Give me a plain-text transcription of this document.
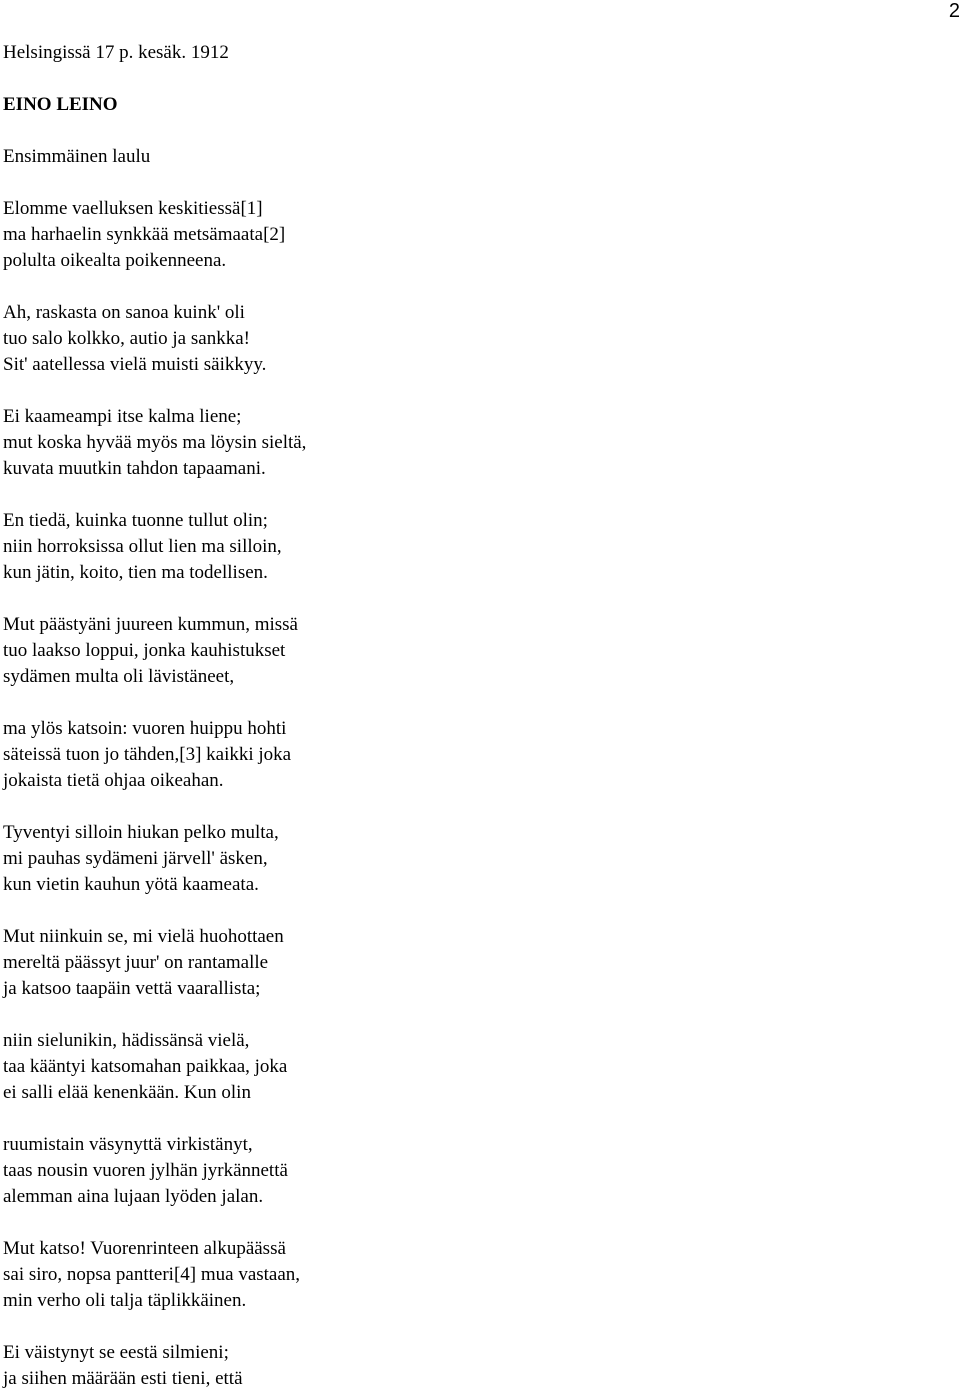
2
Helsingissä 17 p. kesäk. 1912
EINO LEINO
Ensimmäinen laulu
Elomme vaelluksen keskitiessä[1]
ma harhaelin synkkää metsämaata[2]
polulta oikealta poikenneena.
Ah, raskasta on sanoa kuink' oli
tuo salo kolkko, autio ja sankka!
Sit' aatellessa vielä muisti säikkyy.
Ei kaameampi itse kalma liene;
mut koska hyvää myös ma löysin sieltä,
kuvata muutkin tahdon tapaamani.
En tiedä, kuinka tuonne tullut olin;
niin horroksissa ollut lien ma silloin,
kun jätin, koito, tien ma todellisen.
Mut päästyäni juureen kummun, missä
tuo laakso loppui, jonka kauhistukset
sydämen multa oli lävistäneet,
ma ylös katsoin: vuoren huippu hohti
säteissä tuon jo tähden,[3] kaikki joka
jokaista tietä ohjaa oikeahan.
Tyventyi silloin hiukan pelko multa,
mi pauhas sydämeni järvell' äsken,
kun vietin kauhun yötä kaameata.
Mut niinkuin se, mi vielä huohottaen
mereltä päässyt juur' on rantamalle
ja katsoo taapäin vettä vaarallista;
niin sielunikin, hädissänsä vielä,
taa kääntyi katsomahan paikkaa, joka
ei salli elää kenenkään. Kun olin
ruumistain väsynyttä virkistänyt,
taas nousin vuoren jylhän jyrkännettä
alemman aina lujaan lyöden jalan.
Mut katso! Vuorenrinteen alkupäässä
sai siro, nopsa pantteri[4] mua vastaan,
min verho oli talja täplikkäinen.
Ei väistynyt se eestä silmieni;
ja siihen määrään esti tieni, että
